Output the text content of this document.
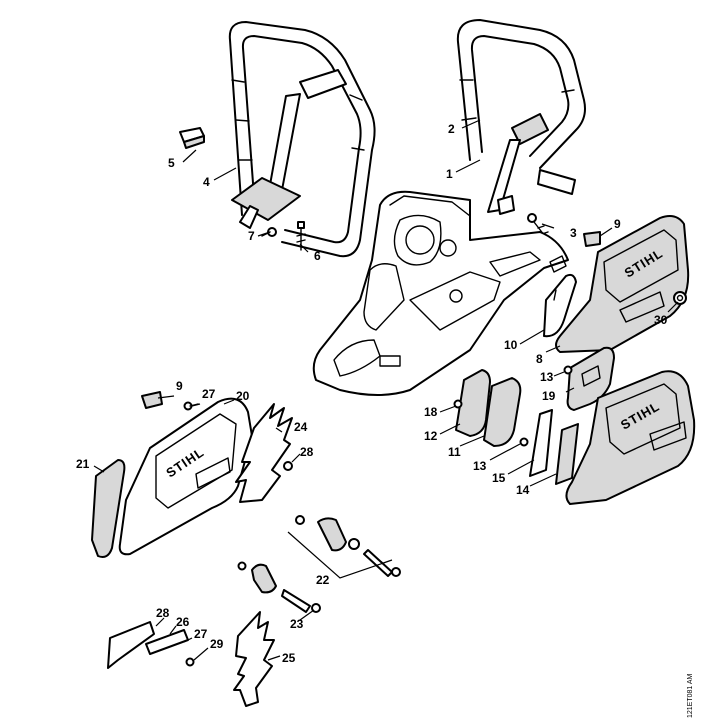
STIHL
STIHL
STIHL
2
1
3
4
5
6
7
9
10
8
30
13
19
18
12
11
13
15
14
9
27 20
24
28
21
22
23
28
26
27
29
25
121ET081 AM
